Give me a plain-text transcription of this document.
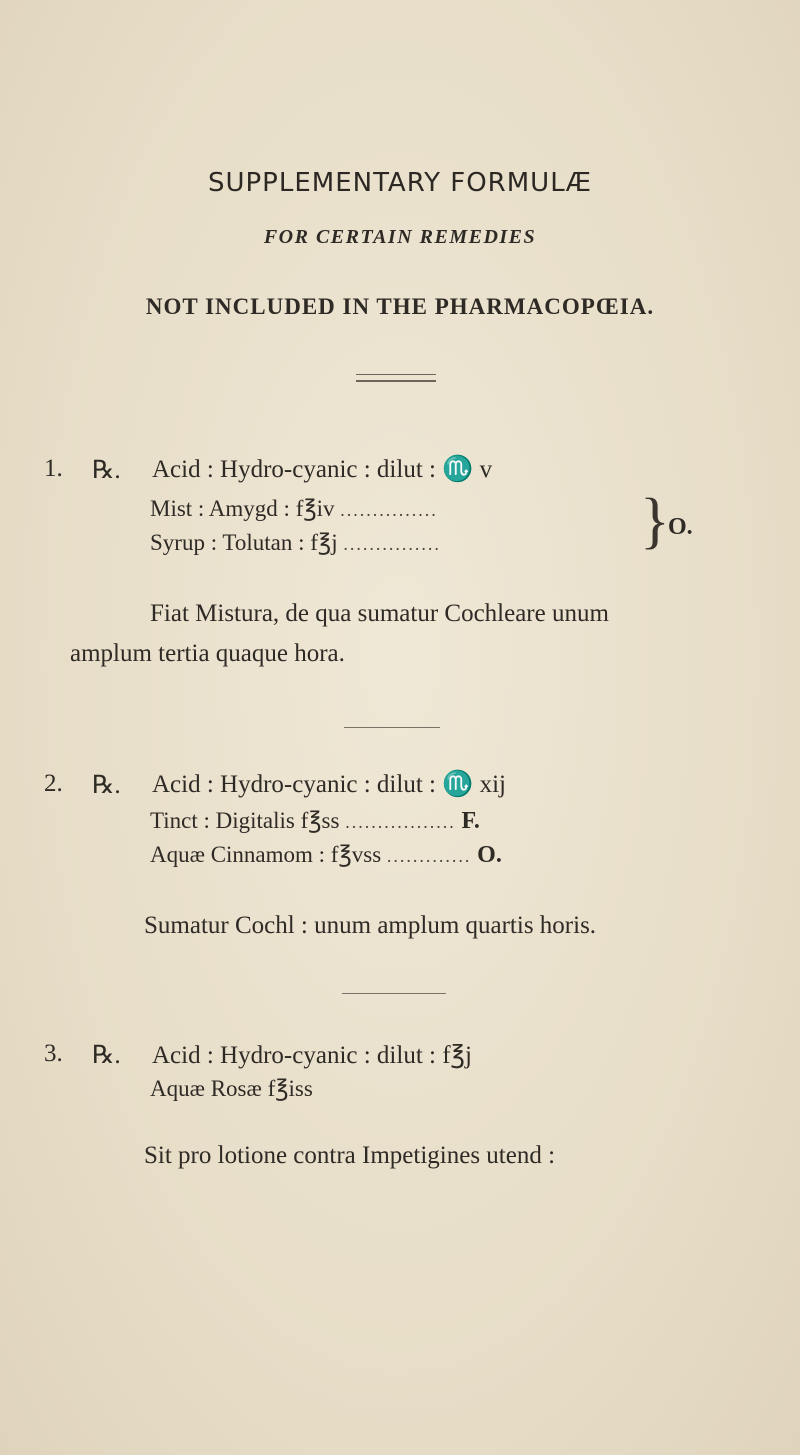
SUPPLEMENTARY FORMULÆ
FOR CERTAIN REMEDIES
NOT INCLUDED IN THE PHARMACOPŒIA.
1. ℞. Acid : Hydro-cyanic : dilut : ♏ v
Mist : Amygd : f℥iv ...............
Syrup : Tolutan : f℥j ...............	}
O.
Fiat Mistura, de qua sumatur Cochleare unum
amplum tertia quaque hora.
2. ℞. Acid : Hydro-cyanic : dilut : ♏ xij
Tinct : Digitalis f℥ss ................. F.
Aquæ Cinnamom : f℥vss ............. O.
Sumatur Cochl : unum amplum quartis horis.
3. ℞. Acid : Hydro-cyanic : dilut : f℥j
Aquæ Rosæ f℥iss
Sit pro lotione contra Impetigines utend :
